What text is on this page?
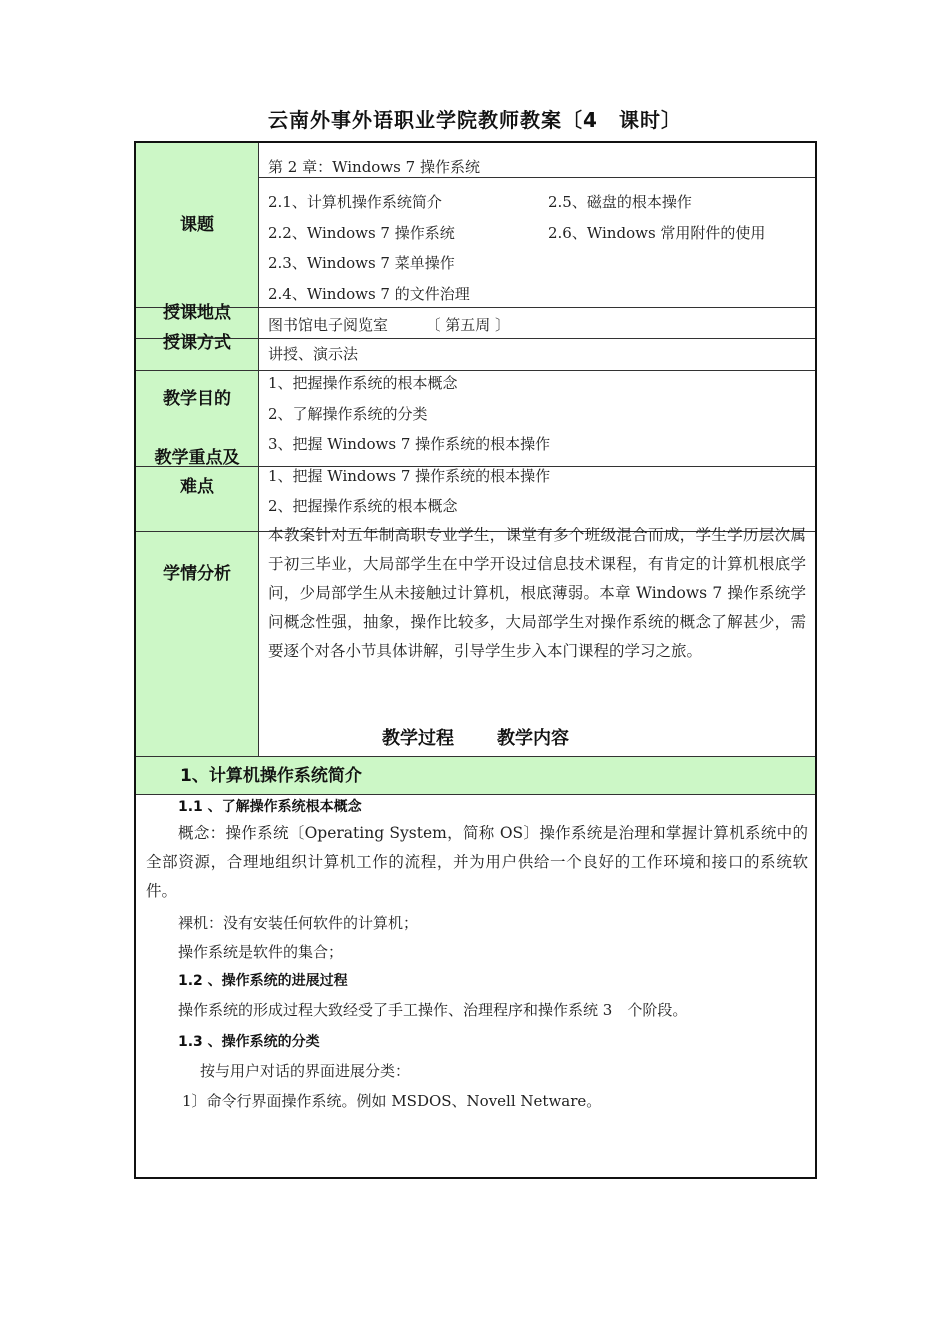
云南外事外语职业学院教师教案〔4　课时〕
课题
授课地点
授课方式
教学目的
教学重点及
难点
学情分析
第 2 章：Windows 7 操作系统
2.1、计算机操作系统简介	2.5、磁盘的根本操作
2.2、Windows 7 操作系统	2.6、Windows 常用附件的使用
2.3、Windows 7 菜单操作
2.4、Windows 7 的文件治理
图书馆电子阅览室　　　〔 第五周 〕
讲授、演示法
1、把握操作系统的根本概念
2、了解操作系统的分类
3、把握 Windows 7 操作系统的根本操作
1、把握 Windows 7 操作系统的根本操作
2、把握操作系统的根本概念
本教案针对五年制高职专业学生，课堂有多个班级混合而成，学生学历层次属于初三毕业，大局部学生在中学开设过信息技术课程，有肯定的计算机根底学问，少局部学生从未接触过计算机，根底薄弱。本章 Windows 7 操作系统学问概念性强，抽象，操作比较多，大局部学生对操作系统的概念了解甚少，需要逐个对各小节具体讲解，引导学生步入本门课程的学习之旅。
教学过程 教学内容
1、计算机操作系统简介
1.1 、了解操作系统根本概念
概念：操作系统〔Operating System，简称 OS〕操作系统是治理和掌握计算机系统中的全部资源，合理地组织计算机工作的流程，并为用户供给一个良好的工作环境和接口的系统软件。
裸机：没有安装任何软件的计算机；
操作系统是软件的集合；
1.2 、操作系统的进展过程
操作系统的形成过程大致经受了手工操作、治理程序和操作系统 3　个阶段。
1.3 、操作系统的分类
按与用户对话的界面进展分类：
1〕命令行界面操作系统。例如 MSDOS、Novell Netware。
